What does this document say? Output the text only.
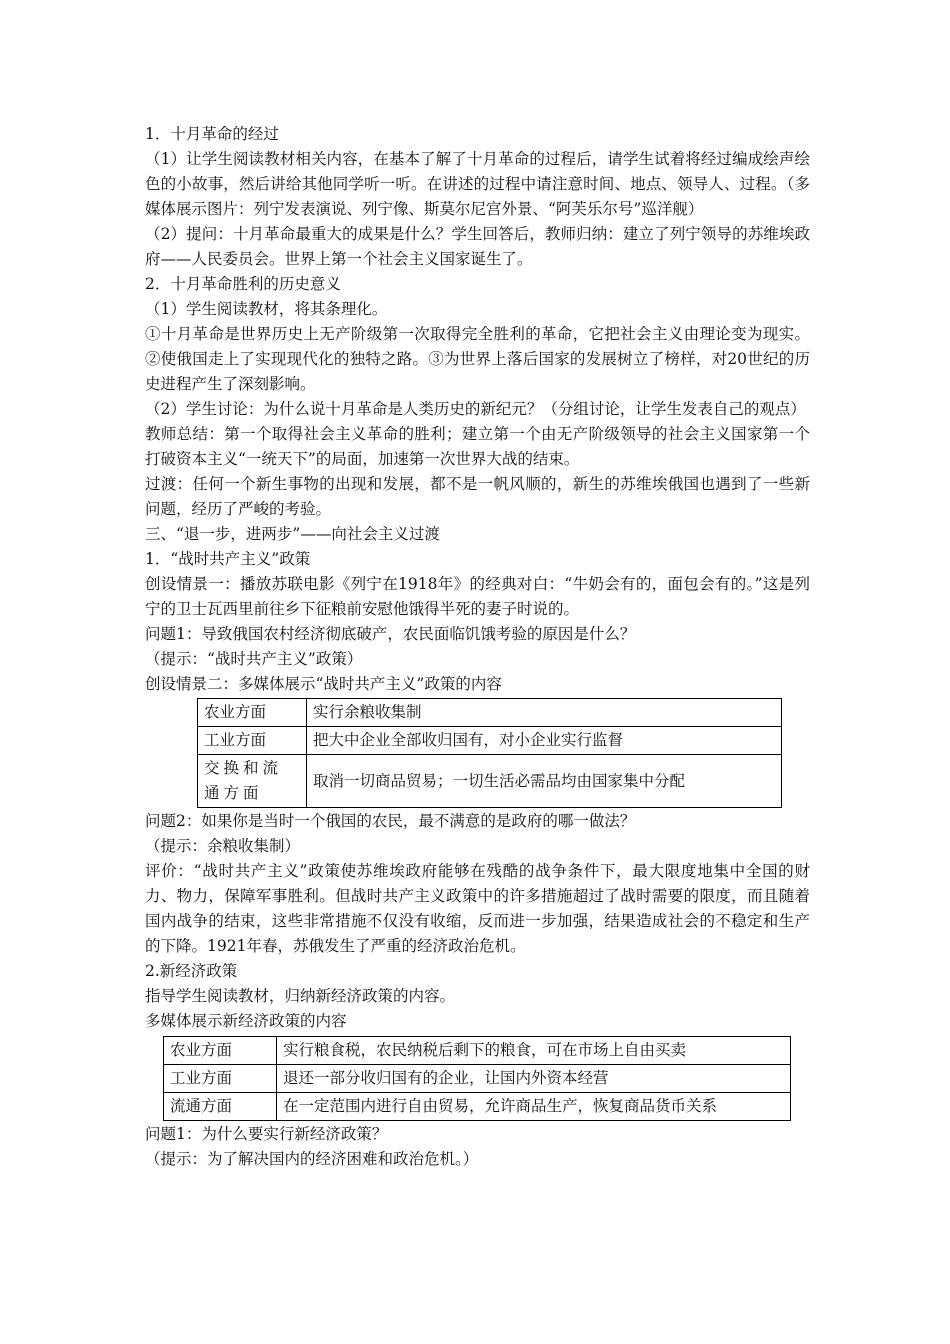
1．十月革命的经过

（1）让学生阅读教材相关内容，在基本了解了十月革命的过程后，请学生试着将经过编成绘声绘色的小故事，然后讲给其他同学听一听。在讲述的过程中请注意时间、地点、领导人、过程。（多媒体展示图片：列宁发表演说、列宁像、斯莫尔尼宫外景、“阿芙乐尔号”巡洋舰）

（2）提问：十月革命最重大的成果是什么？学生回答后，教师归纳：建立了列宁领导的苏维埃政府——人民委员会。世界上第一个社会主义国家诞生了。

2．十月革命胜利的历史意义

（1）学生阅读教材，将其条理化。

①十月革命是世界历史上无产阶级第一次取得完全胜利的革命，它把社会主义由理论变为现实。②使俄国走上了实现现代化的独特之路。③为世界上落后国家的发展树立了榜样，对20世纪的历史进程产生了深刻影响。

（2）学生讨论：为什么说十月革命是人类历史的新纪元？（分组讨论，让学生发表自己的观点）

教师总结：第一个取得社会主义革命的胜利；建立第一个由无产阶级领导的社会主义国家第一个打破资本主义“一统天下”的局面，加速第一次世界大战的结束。

过渡：任何一个新生事物的出现和发展，都不是一帆风顺的，新生的苏维埃俄国也遇到了一些新问题，经历了严峻的考验。

三、“退一步，进两步”——向社会主义过渡

1．“战时共产主义”政策

创设情景一：播放苏联电影《列宁在1918年》的经典对白：“牛奶会有的，面包会有的。”这是列宁的卫士瓦西里前往乡下征粮前安慰他饿得半死的妻子时说的。

问题1：导致俄国农村经济彻底破产，农民面临饥饿考验的原因是什么？

（提示：“战时共产主义”政策）

创设情景二：多媒体展示“战时共产主义”政策的内容

农业方面	实行余粮收集制
工业方面	把大中企业全部收归国有，对小企业实行监督
交换和流通方面	取消一切商品贸易；一切生活必需品均由国家集中分配

问题2：如果你是当时一个俄国的农民，最不满意的是政府的哪一做法？

（提示：余粮收集制）

评价：“战时共产主义”政策使苏维埃政府能够在残酷的战争条件下，最大限度地集中全国的财力、物力，保障军事胜利。但战时共产主义政策中的许多措施超过了战时需要的限度，而且随着国内战争的结束，这些非常措施不仅没有收缩，反而进一步加强，结果造成社会的不稳定和生产的下降。1921年春，苏俄发生了严重的经济政治危机。

2.新经济政策

指导学生阅读教材，归纳新经济政策的内容。

多媒体展示新经济政策的内容

农业方面	实行粮食税，农民纳税后剩下的粮食，可在市场上自由买卖
工业方面	退还一部分收归国有的企业，让国内外资本经营
流通方面	在一定范围内进行自由贸易，允许商品生产，恢复商品货币关系

问题1：为什么要实行新经济政策？

（提示：为了解决国内的经济困难和政治危机。）
